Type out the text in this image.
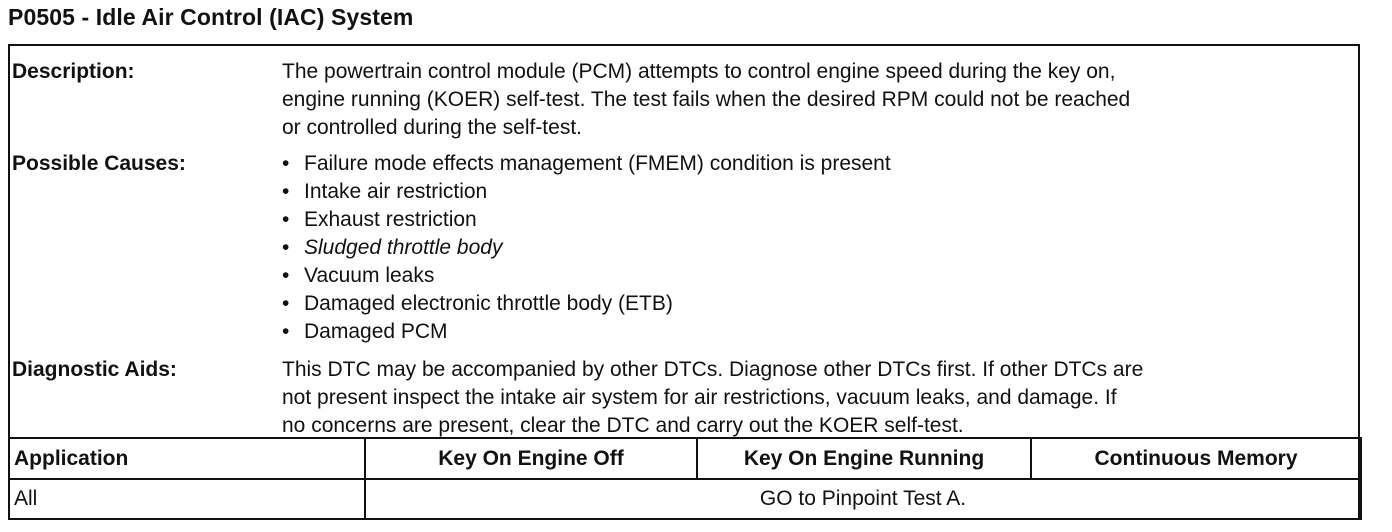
P0505 - Idle Air Control (IAC) System
Description:	The powertrain control module (PCM) attempts to control engine speed during the key on,
engine running (KOER) self-test. The test fails when the desired RPM could not be reached
or controlled during the self-test.
Possible Causes:	• Failure mode effects management (FMEM) condition is present
• Intake air restriction
• Exhaust restriction
• Sludged throttle body
• Vacuum leaks
• Damaged electronic throttle body (ETB)
• Damaged PCM
Diagnostic Aids:	This DTC may be accompanied by other DTCs. Diagnose other DTCs first. If other DTCs are
not present inspect the intake air system for air restrictions, vacuum leaks, and damage. If
no concerns are present, clear the DTC and carry out the KOER self-test.
Application	Key On Engine Off	Key On Engine Running	Continuous Memory
All	GO to Pinpoint Test A.		
